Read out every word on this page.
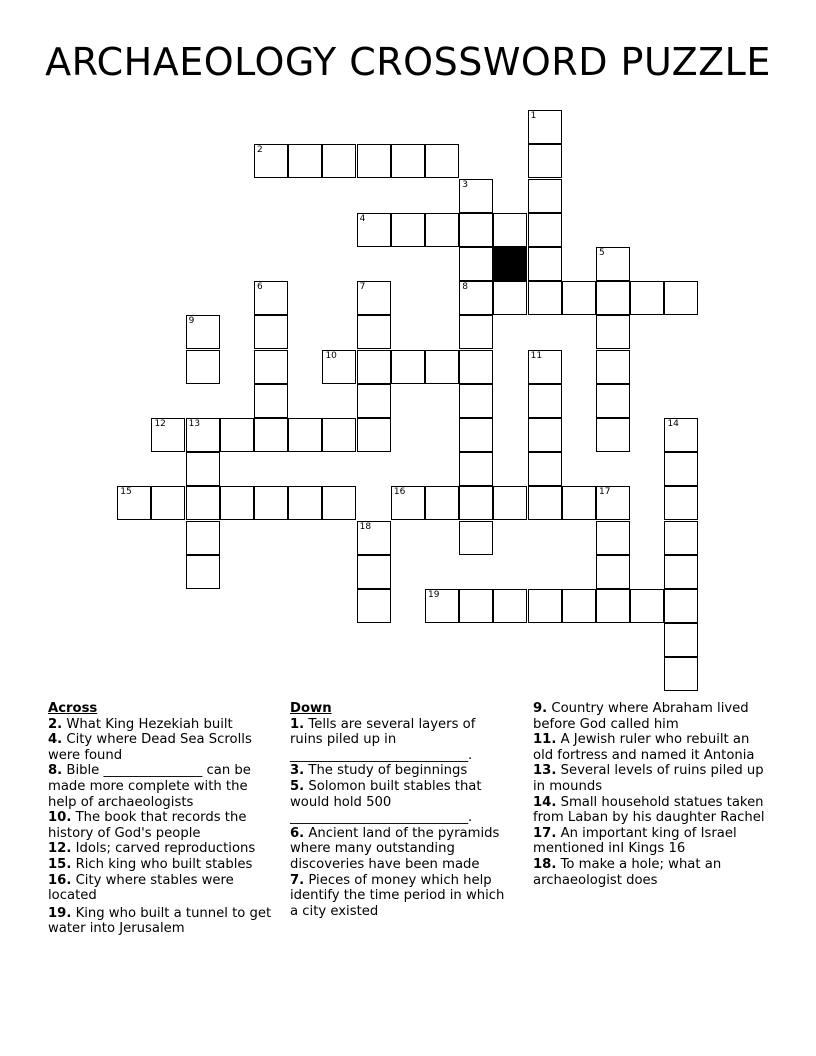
ARCHAEOLOGY CROSSWORD PUZZLE
2
4
8
10
12	13
15	16	17
19
1
3
5
6	7
9
11
14
18
Across
2. What King Hezekiah built
4. City where Dead Sea Scrolls were found
8. Bible _______________ can be made more complete with the help of archaeologists
10. The book that records the history of God's people
12. Idols; carved reproductions
15. Rich king who built stables
16. City where stables were located
19. King who built a tunnel to get water into Jerusalem
Down
1. Tells are several layers of ruins piled up in ___________________________.
3. The study of beginnings
5. Solomon built stables that would hold 500 ___________________________.
6. Ancient land of the pyramids where many outstanding discoveries have been made
7. Pieces of money which help identify the time period in which a city existed
9. Country where Abraham lived before God called him
11. A Jewish ruler who rebuilt an old fortress and named it Antonia
13. Several levels of ruins piled up in mounds
14. Small household statues taken from Laban by his daughter Rachel
17. An important king of Israel mentioned inI Kings 16
18. To make a hole; what an archaeologist does
